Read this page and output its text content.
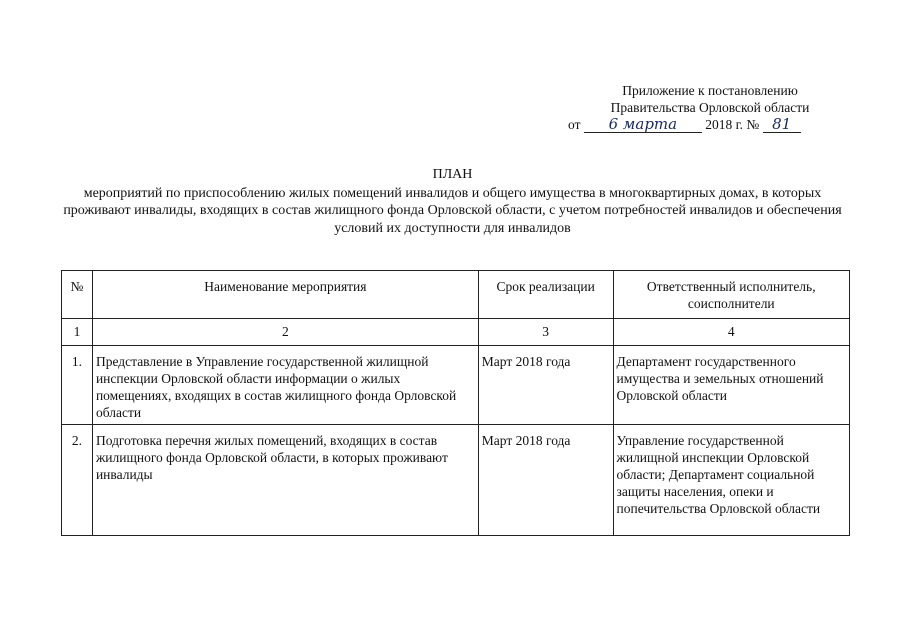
Приложение к постановлению
Правительства Орловской области
от 6 марта 2018 г. № 81
ПЛАН
мероприятий по приспособлению жилых помещений инвалидов и общего имущества в многоквартирных домах, в которых проживают инвалиды, входящих в состав жилищного фонда Орловской области, с учетом потребностей инвалидов и обеспечения условий их доступности для инвалидов
№	Наименование мероприятия	Срок реализации	Ответственный исполнитель, соисполнители
1	2	3	4
1.	Представление в Управление государственной жилищной инспекции Орловской области информации о жилых помещениях, входящих в состав жилищного фонда Орловской области	Март 2018 года	Департамент государственного имущества и земельных отношений Орловской области
2.	Подготовка перечня жилых помещений, входящих в состав жилищного фонда Орловской области, в которых проживают инвалиды	Март 2018 года	Управление государственной жилищной инспекции Орловской области; Департамент социальной защиты населения, опеки и попечительства Орловской области
